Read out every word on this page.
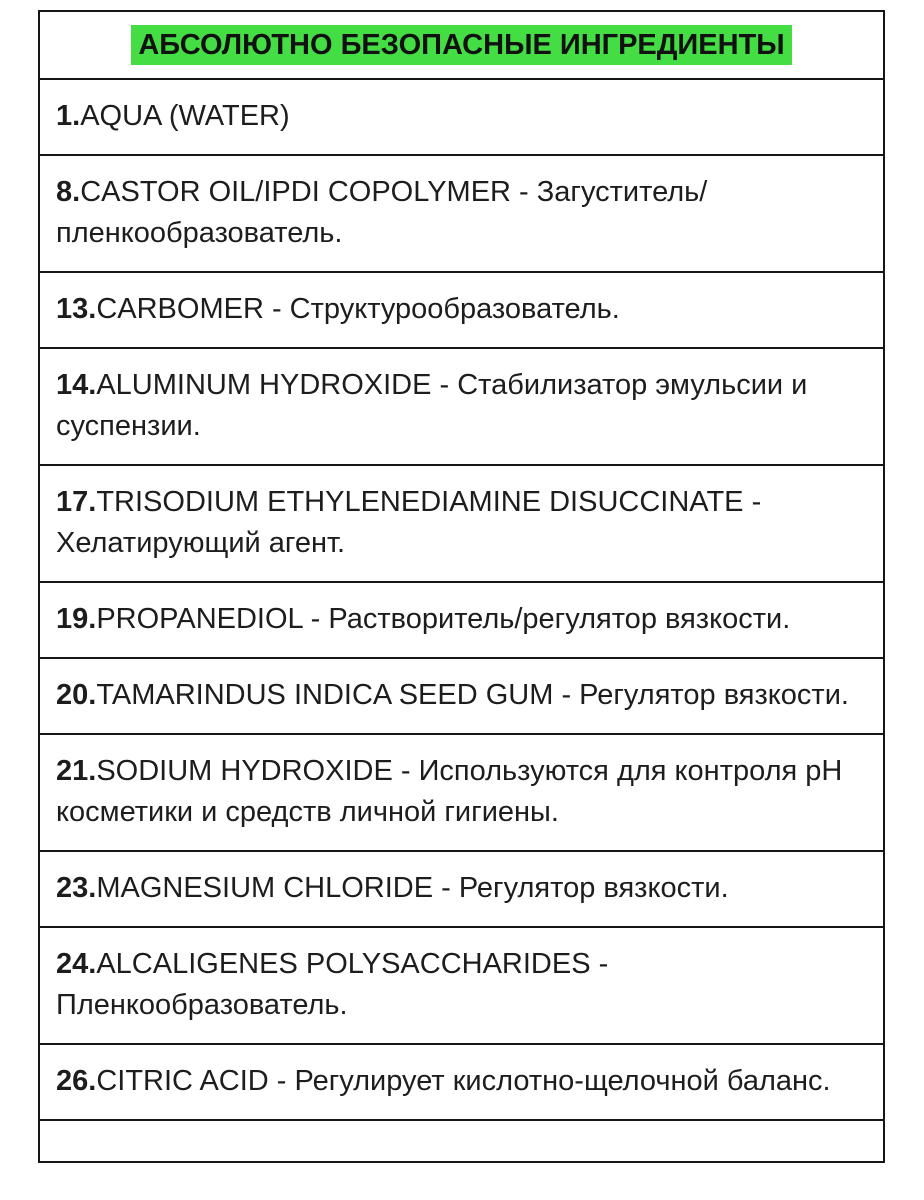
АБСОЛЮТНО БЕЗОПАСНЫЕ ИНГРЕДИЕНТЫ
1.AQUA (WATER)
8.CASTOR OIL/IPDI COPOLYMER - Загуститель/пленкообразователь.
13.CARBOMER - Структурообразователь.
14.ALUMINUM HYDROXIDE - Стабилизатор эмульсии и суспензии.
17.TRISODIUM ETHYLENEDIAMINE DISUCCINATE - Хелатирующий агент.
19.PROPANEDIOL - Растворитель/регулятор вязкости.
20.TAMARINDUS INDICA SEED GUM - Регулятор вязкости.
21.SODIUM HYDROXIDE - Используются для контроля pH косметики и средств личной гигиены.
23.MAGNESIUM CHLORIDE - Регулятор вязкости.
24.ALCALIGENES POLYSACCHARIDES - Пленкообразователь.
26.CITRIC ACID - Регулирует кислотно-щелочной баланс.
